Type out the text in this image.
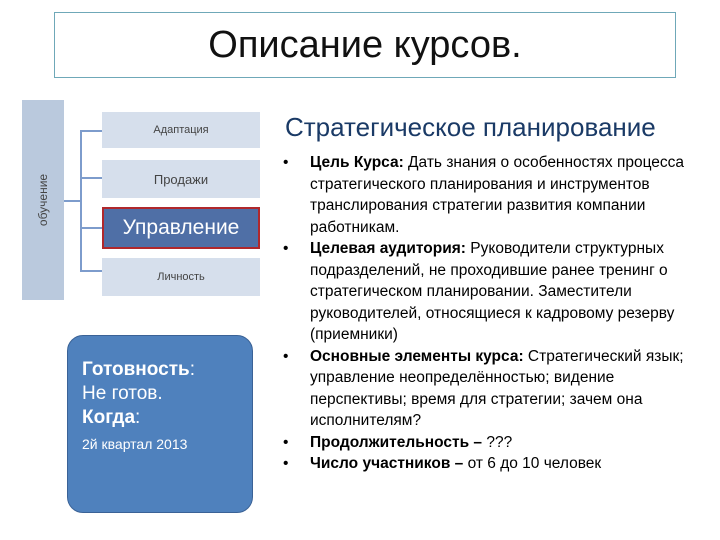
Описание курсов.
обучение
Адаптация
Продажи
Управление
Личность
Готовность:
Не готов.
Когда:
2й квартал 2013
Стратегическое планирование
• Цель Курса: Дать знания о особенностях процесса стратегического планирования и инструментов транслирования стратегии развития компании работникам.
• Целевая аудитория: Руководители структурных подразделений, не проходившие ранее тренинг о стратегическом планировании. Заместители руководителей, относящиеся к кадровому резерву (приемники)
• Основные элементы курса: Стратегический язык; управление неопределённостью; видение перспективы; время для стратегии; зачем она исполнителям?
• Продолжительность – ???
• Число участников – от 6 до 10 человек
